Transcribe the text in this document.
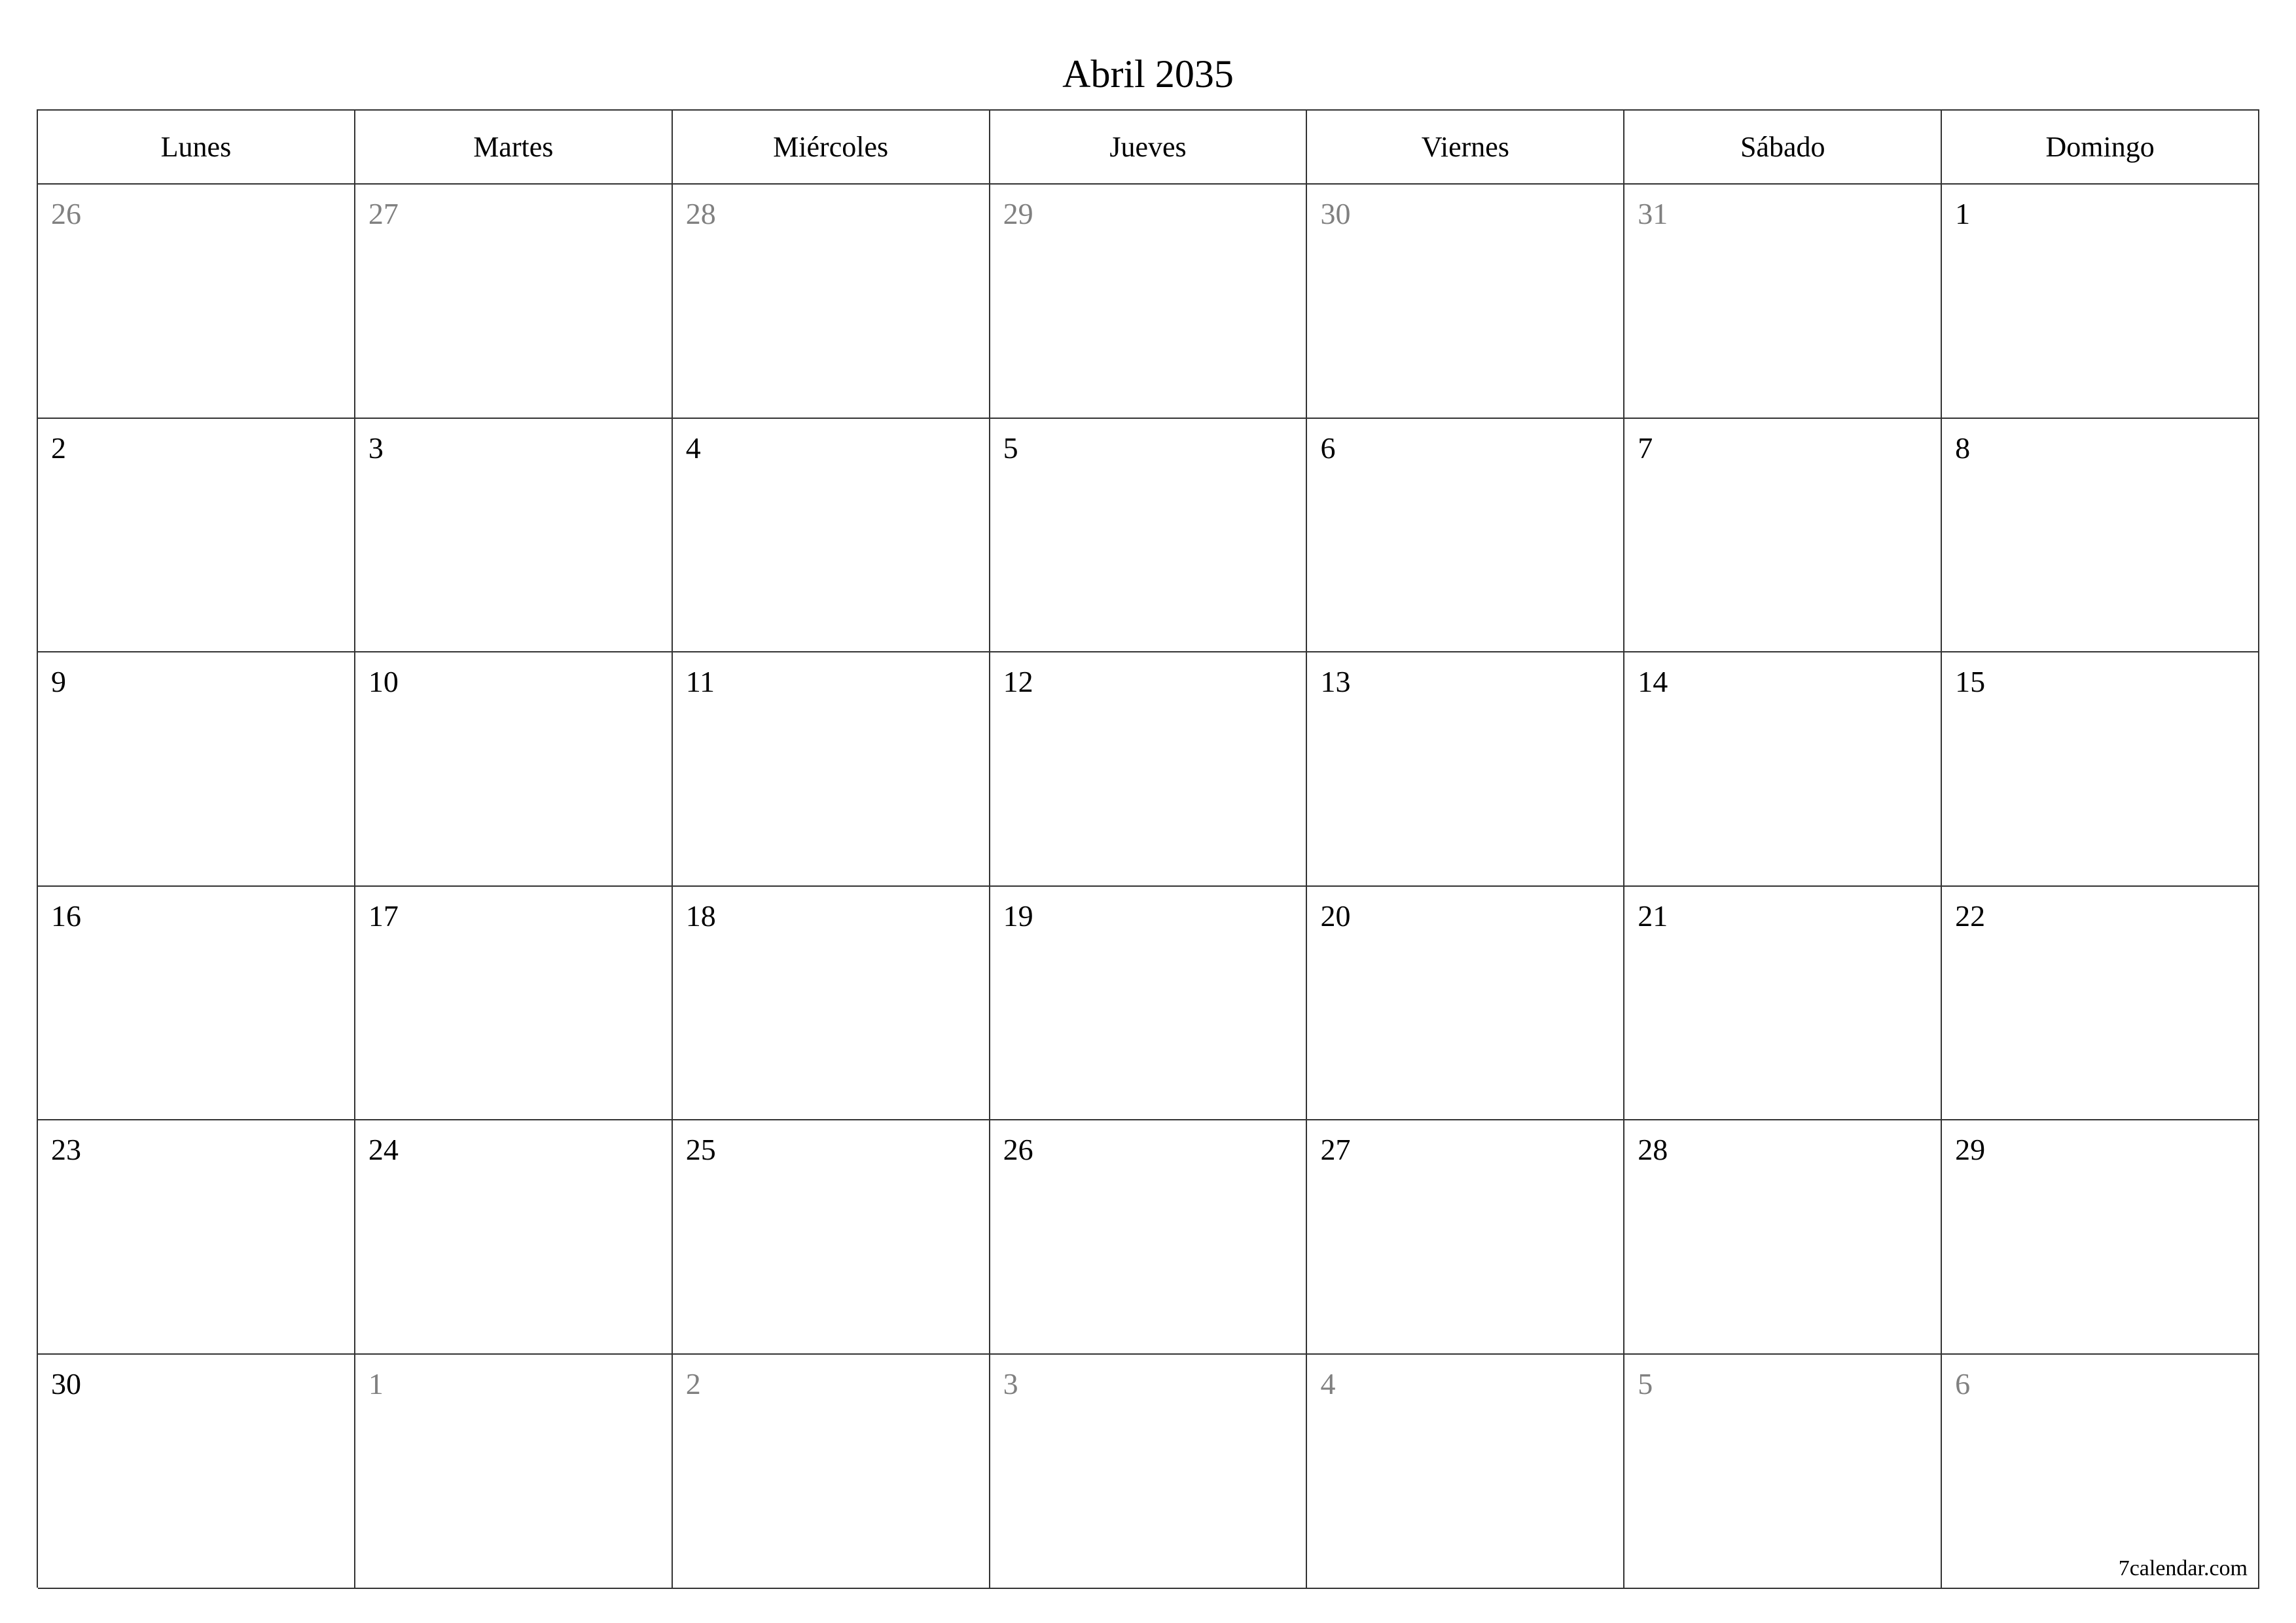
Abril 2035
Lunes	Martes	Miércoles	Jueves	Viernes	Sábado	Domingo
26	27	28	29	30	31	1
2	3	4	5	6	7	8
9	10	11	12	13	14	15
16	17	18	19	20	21	22
23	24	25	26	27	28	29
30	1	2	3	4	5	6
7calendar.com
